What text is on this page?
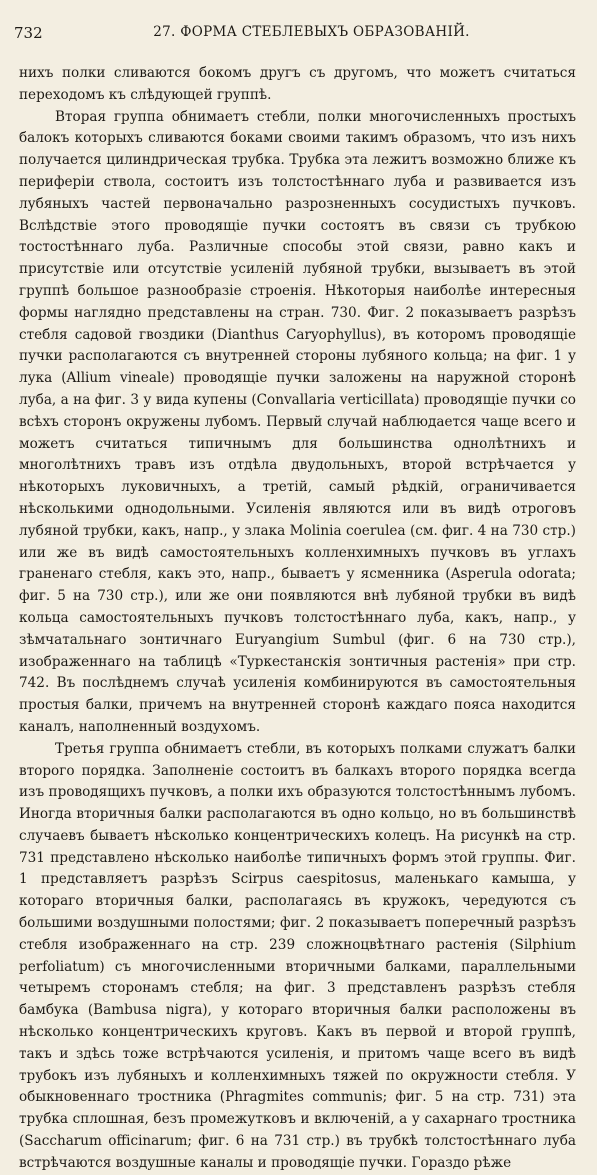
732	27. ФОРМА СТЕБЛЕВЫХЪ ОБРАЗОВАНІЙ.

нихъ полки сливаются бокомъ другъ съ другомъ, что можетъ считаться переходомъ къ слѣдующей группѣ.

Вторая группа обнимаетъ стебли, полки многочисленныхъ простыхъ балокъ которыхъ сливаются боками своими такимъ образомъ, что изъ нихъ получается цилиндрическая трубка. Трубка эта лежитъ возможно ближе къ периферіи ствола, состоитъ изъ толстостѣннаго луба и развивается изъ лубяныхъ частей первоначально разрозненныхъ сосудистыхъ пучковъ. Вслѣдствіе этого проводящіе пучки состоятъ въ связи съ трубкою тостостѣннаго луба. Различные способы этой связи, равно какъ и присутствіе или отсутствіе усиленій лубяной трубки, вызываетъ въ этой группѣ большое разнообразіе строенія. Нѣкоторыя наиболѣе интересныя формы наглядно представлены на стран. 730. Фиг. 2 показываетъ разрѣзъ стебля садовой гвоздики (Dianthus Caryophyllus), въ которомъ проводящіе пучки располагаются съ внутренней стороны лубяного кольца; на фиг. 1 у лука (Allium vineale) проводящіе пучки заложены на наружной сторонѣ луба, а на фиг. 3 у вида купены (Convallaria verticillata) проводящіе пучки со всѣхъ сторонъ окружены лубомъ. Первый случай наблюдается чаще всего и можетъ считаться типичнымъ для большинства однолѣтнихъ и многолѣтнихъ травъ изъ отдѣла двудольныхъ, второй встрѣчается у нѣкоторыхъ луковичныхъ, а третій, самый рѣдкій, ограничивается нѣсколькими однодольными. Усиленія являются или въ видѣ отроговъ лубяной трубки, какъ, напр., у злака Molinia coerulea (см. фиг. 4 на 730 стр.) или же въ видѣ самостоятельныхъ колленхимныхъ пучковъ въ углахъ граненаго стебля, какъ это, напр., бываетъ у ясменника (Asperula odorata; фиг. 5 на 730 стр.), или же они появляются внѣ лубяной трубки въ видѣ кольца самостоятельныхъ пучковъ толстостѣннаго луба, какъ, напр., у зѣмчатальнаго зонтичнаго Euryangium Sumbul (фиг. 6 на 730 стр.), изображеннаго на таблицѣ «Туркестанскія зонтичныя растенія» при стр. 742. Въ послѣднемъ случаѣ усиленія комбинируются въ самостоятельныя простыя балки, причемъ на внутренней сторонѣ каждаго пояса находится каналъ, наполненный воздухомъ.

Третья группа обнимаетъ стебли, въ которыхъ полками служатъ балки второго порядка. Заполненіе состоитъ въ балкахъ второго порядка всегда изъ проводящихъ пучковъ, а полки ихъ образуются толстостѣннымъ лубомъ. Иногда вторичныя балки располагаются въ одно кольцо, но въ большинствѣ случаевъ бываетъ нѣсколько концентрическихъ колецъ. На рисункѣ на стр. 731 представлено нѣсколько наиболѣе типичныхъ формъ этой группы. Фиг. 1 представляетъ разрѣзъ Scirpus caespitosus, маленькаго камыша, у котораго вторичныя балки, располагаясь въ кружокъ, чередуются съ большими воздушными полостями; фиг. 2 показываетъ поперечный разрѣзъ стебля изображеннаго на стр. 239 сложноцвѣтнаго растенія (Silphium perfoliatum) съ многочисленными вторичными балками, параллельными четыремъ сторонамъ стебля; на фиг. 3 представленъ разрѣзъ стебля бамбука (Bambusa nigra), у котораго вторичныя балки расположены въ нѣсколько концентрическихъ круговъ. Какъ въ первой и второй группѣ, такъ и здѣсь тоже встрѣчаются усиленія, и притомъ чаще всего въ видѣ трубокъ изъ лубяныхъ и колленхимныхъ тяжей по окружности стебля. У обыкновеннаго тростника (Phragmites communis; фиг. 5 на стр. 731) эта трубка сплошная, безъ промежутковъ и включеній, а у сахарнаго тростника (Saccharum officinarum; фиг. 6 на 731 стр.) въ трубкѣ толстостѣннаго луба встрѣчаются воздушные каналы и проводящіе пучки. Гораздо рѣже
